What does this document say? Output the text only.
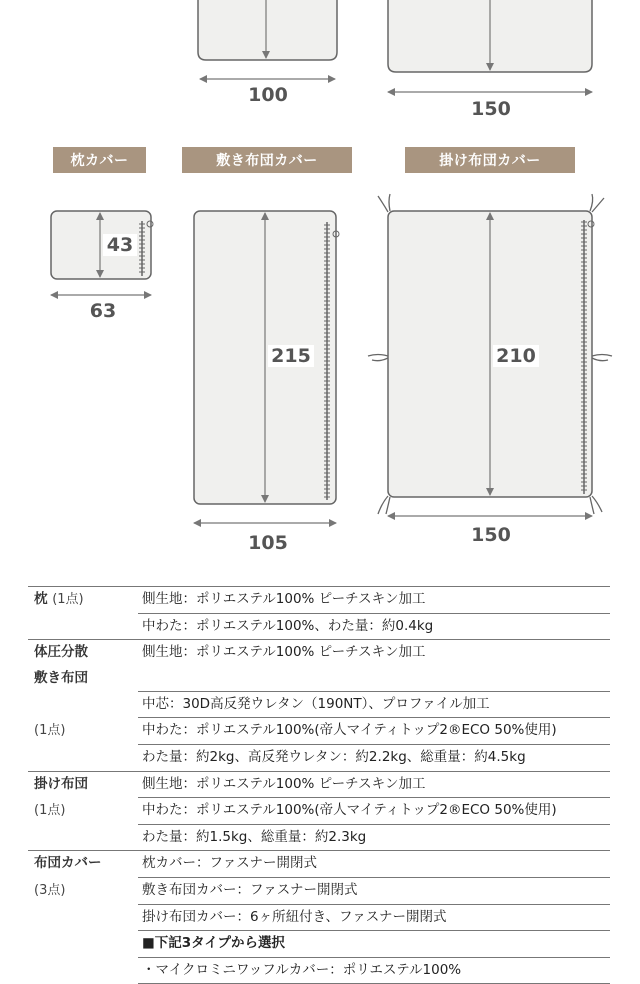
枕カバー	敷き布団カバー	掛け布団カバー
100
150
43
63
215
105
210
150
枕 (1点)	側生地：ポリエステル100% ピーチスキン加工
	中わた：ポリエステル100%、わた量：約0.4kg

体圧分散
敷き布団	側生地：ポリエステル100% ピーチスキン加工
	中芯：30D高反発ウレタン（190NT）、プロファイル加工

(1点)	中わた：ポリエステル100%(帝人マイティトップ2®ECO 50%使用)
	わた量：約2kg、高反発ウレタン：約2.2kg、総重量：約4.5kg

掛け布団	側生地：ポリエステル100% ピーチスキン加工

(1点)	中わた：ポリエステル100%(帝人マイティトップ2®ECO 50%使用)
	わた量：約1.5kg、総重量：約2.3kg

布団カバー	枕カバー：ファスナー開閉式

(3点)	敷き布団カバー：ファスナー開閉式
	掛け布団カバー：6ヶ所紐付き、ファスナー開閉式
	■下記3タイプから選択
	・マイクロミニワッフルカバー：ポリエステル100%
